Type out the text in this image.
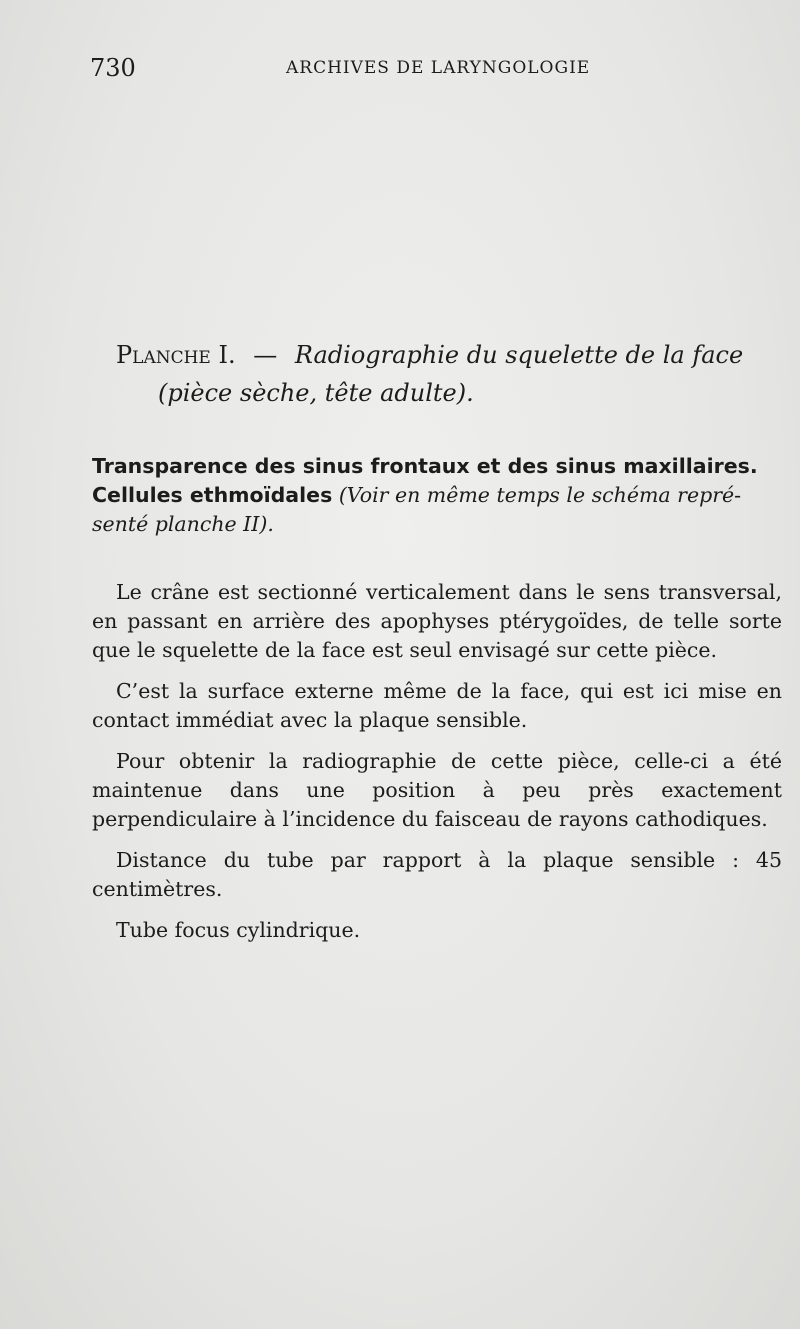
730	ARCHIVES DE LARYNGOLOGIE
Planche I. — Radiographie du squelette de la face
(pièce sèche, tête adulte).
Transparence des sinus frontaux et des sinus maxillaires.
Cellules ethmoïdales (Voir en même temps le schéma repré-
senté planche II).

Le crâne est sectionné verticalement dans le sens transversal, en passant en arrière des apophyses ptérygoïdes, de telle sorte que le squelette de la face est seul envisagé sur cette pièce.

C’est la surface externe même de la face, qui est ici mise en contact immédiat avec la plaque sensible.

Pour obtenir la radiographie de cette pièce, celle-ci a été maintenue dans une position à peu près exactement perpendiculaire à l’incidence du faisceau de rayons cathodiques.

Distance du tube par rapport à la plaque sensible : 45 centimètres.

Tube focus cylindrique.
